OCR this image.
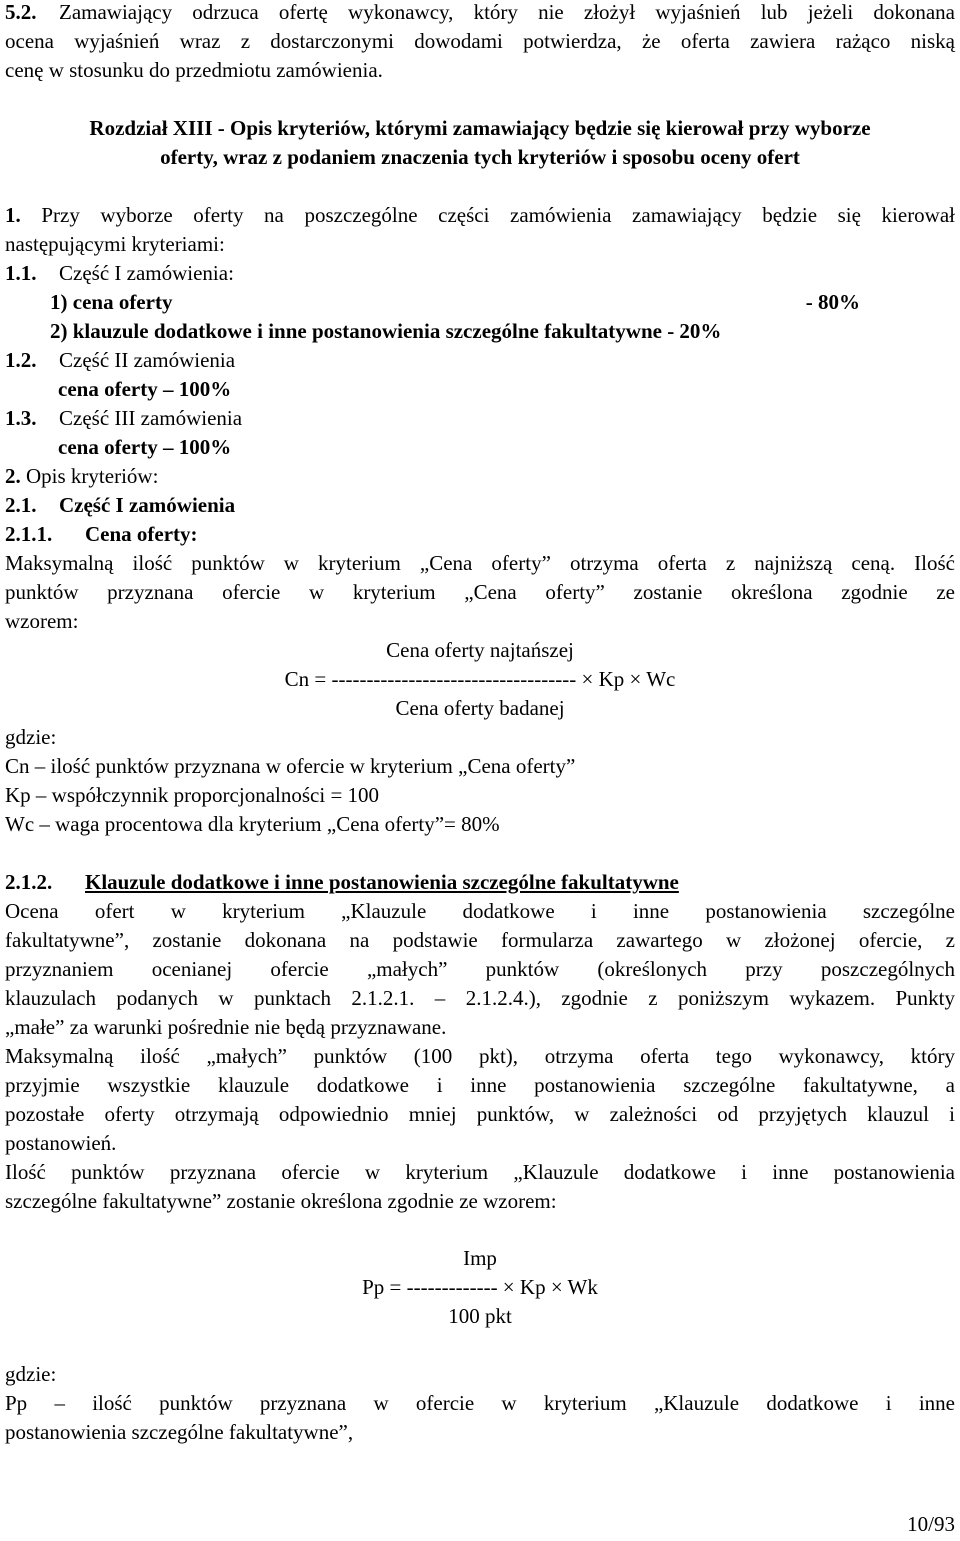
5.2. Zamawiający odrzuca ofertę wykonawcy, który nie złożył wyjaśnień lub jeżeli dokonana
ocena wyjaśnień wraz z dostarczonymi dowodami potwierdza, że oferta zawiera rażąco niską
cenę w stosunku do przedmiotu zamówienia.
Rozdział XIII - Opis kryteriów, którymi zamawiający będzie się kierował przy wyborze
oferty, wraz z podaniem znaczenia tych kryteriów i sposobu oceny ofert
1. Przy wyborze oferty na poszczególne części zamówienia zamawiający będzie się kierował
następującymi kryteriami:
1.1. Część I zamówienia:
1) cena oferty	- 80%
2) klauzule dodatkowe i inne postanowienia szczególne fakultatywne - 20%
1.2. Część II zamówienia
cena oferty – 100%
1.3. Część III zamówienia
cena oferty – 100%
2. Opis kryteriów:
2.1. Część I zamówienia
2.1.1. Cena oferty:
Maksymalną ilość punktów w kryterium „Cena oferty” otrzyma oferta z najniższą ceną. Ilość
punktów przyznana ofercie w kryterium „Cena oferty” zostanie określona zgodnie ze
wzorem:
Cena oferty najtańszej
Cn = ----------------------------------- × Kp × Wc
Cena oferty badanej
gdzie:
Cn – ilość punktów przyznana w ofercie w kryterium „Cena oferty”
Kp – współczynnik proporcjonalności = 100
Wc – waga procentowa dla kryterium „Cena oferty”= 80%
2.1.2. Klauzule dodatkowe i inne postanowienia szczególne fakultatywne
Ocena ofert w kryterium „Klauzule dodatkowe i inne postanowienia szczególne
fakultatywne”, zostanie dokonana na podstawie formularza zawartego w złożonej ofercie, z
przyznaniem ocenianej ofercie „małych” punktów (określonych przy poszczególnych
klauzulach podanych w punktach 2.1.2.1. – 2.1.2.4.), zgodnie z poniższym wykazem. Punkty
„małe” za warunki pośrednie nie będą przyznawane.
Maksymalną ilość „małych” punktów (100 pkt), otrzyma oferta tego wykonawcy, który
przyjmie wszystkie klauzule dodatkowe i inne postanowienia szczególne fakultatywne, a
pozostałe oferty otrzymają odpowiednio mniej punktów, w zależności od przyjętych klauzul i
postanowień.
Ilość punktów przyznana ofercie w kryterium „Klauzule dodatkowe i inne postanowienia
szczególne fakultatywne” zostanie określona zgodnie ze wzorem:
Imp
Pp = ------------- × Kp × Wk
100 pkt
gdzie:
Pp – ilość punktów przyznana w ofercie w kryterium „Klauzule dodatkowe i inne
postanowienia szczególne fakultatywne”,
10/93
